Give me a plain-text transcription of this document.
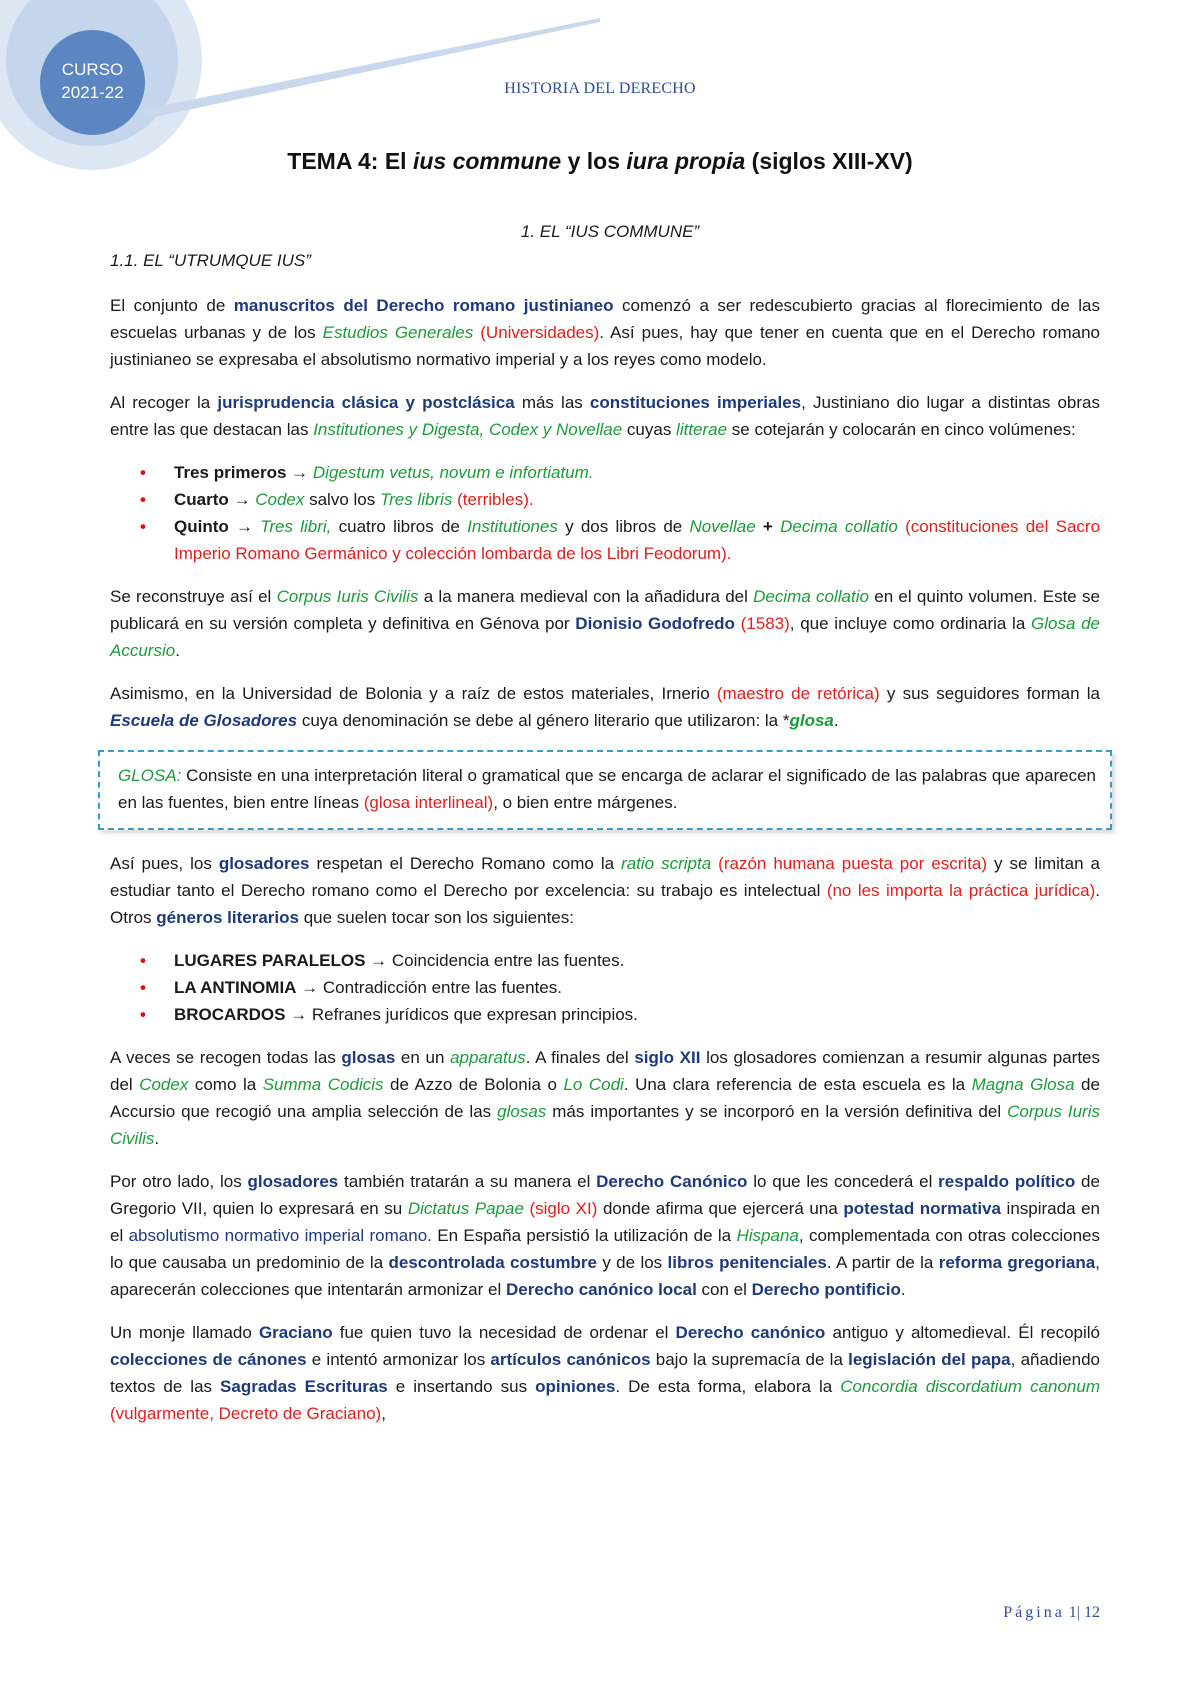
CURSO
2021-22	HISTORIA DEL DERECHO
TEMA 4: El ius commune y los iura propia (siglos XIII-XV)
1. EL “IUS COMMUNE”
1.1. EL “UTRUMQUE IUS”

El conjunto de manuscritos del Derecho romano justinianeo comenzó a ser redescubierto gracias al florecimiento de las escuelas urbanas y de los Estudios Generales (Universidades). Así pues, hay que tener en cuenta que en el Derecho romano justinianeo se expresaba el absolutismo normativo imperial y a los reyes como modelo.

Al recoger la jurisprudencia clásica y postclásica más las constituciones imperiales, Justiniano dio lugar a distintas obras entre las que destacan las Institutiones y Digesta, Codex y Novellae cuyas litterae se cotejarán y colocarán en cinco volúmenes:

• Tres primeros → Digestum vetus, novum e infortiatum.
• Cuarto → Codex salvo los Tres libris (terribles).
• Quinto → Tres libri, cuatro libros de Institutiones y dos libros de Novellae + Decima collatio (constituciones del Sacro Imperio Romano Germánico y colección lombarda de los Libri Feodorum).

Se reconstruye así el Corpus Iuris Civilis a la manera medieval con la añadidura del Decima collatio en el quinto volumen. Este se publicará en su versión completa y definitiva en Génova por Dionisio Godofredo (1583), que incluye como ordinaria la Glosa de Accursio.

Asimismo, en la Universidad de Bolonia y a raíz de estos materiales, Irnerio (maestro de retórica) y sus seguidores forman la Escuela de Glosadores cuya denominación se debe al género literario que utilizaron: la *glosa.

GLOSA: Consiste en una interpretación literal o gramatical que se encarga de aclarar el significado de las palabras que aparecen en las fuentes, bien entre líneas (glosa interlineal), o bien entre márgenes.

Así pues, los glosadores respetan el Derecho Romano como la ratio scripta (razón humana puesta por escrita) y se limitan a estudiar tanto el Derecho romano como el Derecho por excelencia: su trabajo es intelectual (no les importa la práctica jurídica). Otros géneros literarios que suelen tocar son los siguientes:

• LUGARES PARALELOS → Coincidencia entre las fuentes.
• LA ANTINOMIA → Contradicción entre las fuentes.
• BROCARDOS → Refranes jurídicos que expresan principios.

A veces se recogen todas las glosas en un apparatus. A finales del siglo XII los glosadores comienzan a resumir algunas partes del Codex como la Summa Codicis de Azzo de Bolonia o Lo Codi. Una clara referencia de esta escuela es la Magna Glosa de Accursio que recogió una amplia selección de las glosas más importantes y se incorporó en la versión definitiva del Corpus Iuris Civilis.

Por otro lado, los glosadores también tratarán a su manera el Derecho Canónico lo que les concederá el respaldo político de Gregorio VII, quien lo expresará en su Dictatus Papae (siglo XI) donde afirma que ejercerá una potestad normativa inspirada en el absolutismo normativo imperial romano. En España persistió la utilización de la Hispana, complementada con otras colecciones lo que causaba un predominio de la descontrolada costumbre y de los libros penitenciales. A partir de la reforma gregoriana, aparecerán colecciones que intentarán armonizar el Derecho canónico local con el Derecho pontificio.

Un monje llamado Graciano fue quien tuvo la necesidad de ordenar el Derecho canónico antiguo y altomedieval. Él recopiló colecciones de cánones e intentó armonizar los artículos canónicos bajo la supremacía de la legislación del papa, añadiendo textos de las Sagradas Escrituras e insertando sus opiniones. De esta forma, elabora la Concordia discordatium canonum (vulgarmente, Decreto de Graciano),

Página 1| 12
